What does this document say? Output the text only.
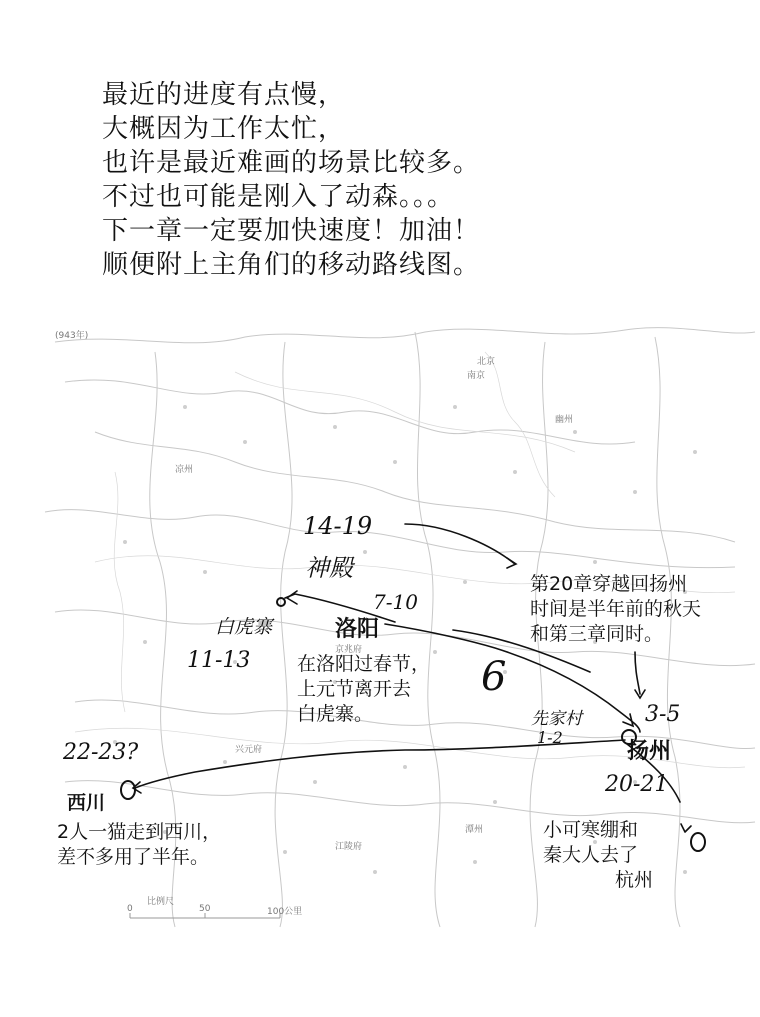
最近的进度有点慢，
大概因为工作太忙，
也许是最近难画的场景比较多。
不过也可能是刚入了动森。。。
下一章一定要加快速度！加油！
顺便附上主角们的移动路线图。
(943年)
北京
南京
幽州
京兆府
江陵府
潭州
凉州
兴元府
比例尺
0	50	100公里
14-19
神殿
7-10
洛阳
白虎寨
11-13	6
22-23?
西川
先家村
1-2
3-5
扬州
20-21
在洛阳过春节，
上元节离开去
白虎寨。
第20章穿越回扬州
时间是半年前的秋天
和第三章同时。
2人一猫走到西川，
差不多用了半年。
小可寒绷和
秦大人去了
杭州
